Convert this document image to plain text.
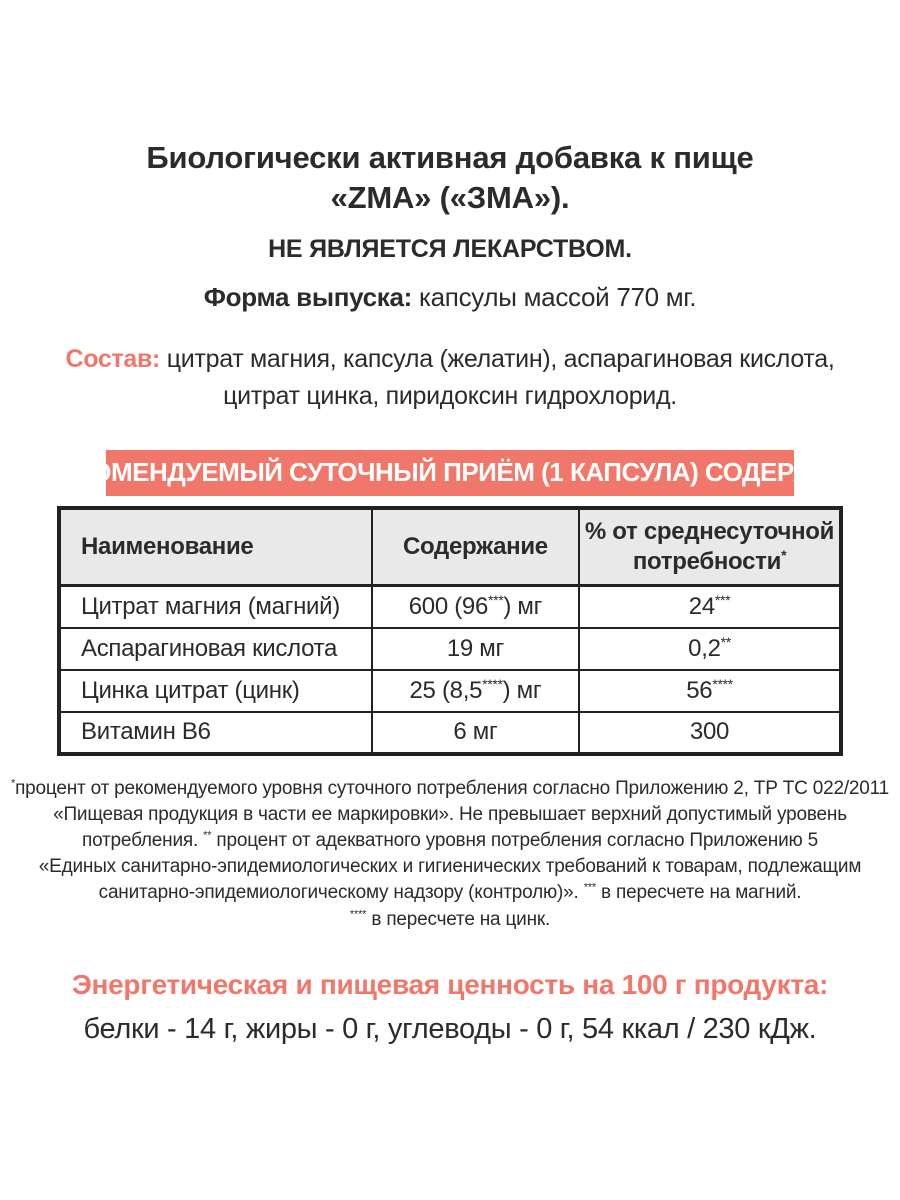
Биологически активная добавка к пище
«ZMA» («ЗМА»).
НЕ ЯВЛЯЕТСЯ ЛЕКАРСТВОМ.
Форма выпуска: капсулы массой 770 мг.
Состав: цитрат магния, капсула (желатин), аспарагиновая кислота,
цитрат цинка, пиридоксин гидрохлорид.
РЕКОМЕНДУЕМЫЙ СУТОЧНЫЙ ПРИЁМ (1 КАПСУЛА) СОДЕРЖИТ:
Наименование	Содержание	% от среднесуточной потребности*
Цитрат магния (магний)	600 (96***) мг	24***
Аспарагиновая кислота	19 мг	0,2**
Цинка цитрат (цинк)	25 (8,5****) мг	56****
Витамин В6	6 мг	300
*процент от рекомендуемого уровня суточного потребления согласно Приложению 2, ТР ТС 022/2011
«Пищевая продукция в части ее маркировки». Не превышает верхний допустимый уровень
потребления. ** процент от адекватного уровня потребления согласно Приложению 5
«Единых санитарно-эпидемиологических и гигиенических требований к товарам, подлежащим
санитарно-эпидемиологическому надзору (контролю)». *** в пересчете на магний.
**** в пересчете на цинк.
Энергетическая и пищевая ценность на 100 г продукта:
белки - 14 г, жиры - 0 г, углеводы - 0 г, 54 ккал / 230 кДж.
